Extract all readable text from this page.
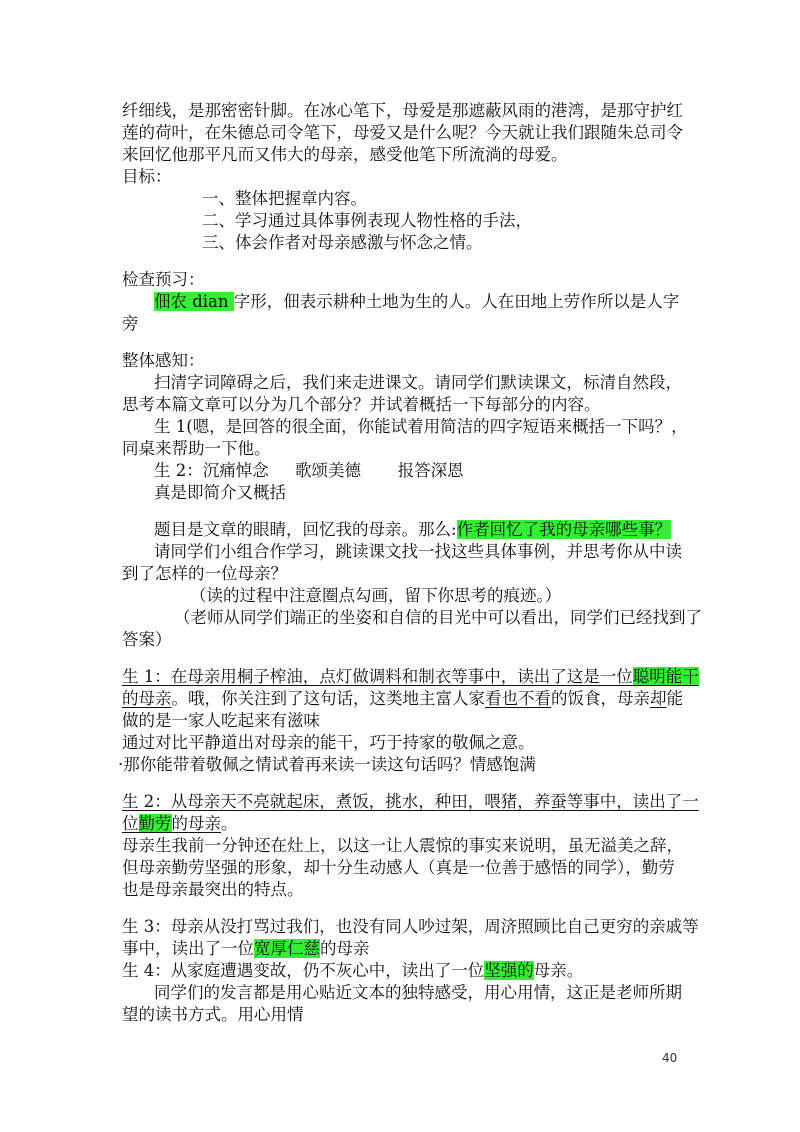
纤细线，是那密密针脚。在冰心笔下，母爱是那遮蔽风雨的港湾，是那守护红
莲的荷叶，在朱德总司令笔下，母爱又是什么呢？今天就让我们跟随朱总司令
来回忆他那平凡而又伟大的母亲，感受他笔下所流淌的母爱。
目标：
一、整体把握章内容。
二、学习通过具体事例表现人物性格的手法，
三、体会作者对母亲感激与怀念之情。
检查预习：
佃农 dian 字形，佃表示耕种土地为生的人。人在田地上劳作所以是人字
旁
整体感知：
扫清字词障碍之后，我们来走进课文。请同学们默读课文，标清自然段，
思考本篇文章可以分为几个部分？并试着概括一下每部分的内容。
生 1(嗯，是回答的很全面，你能试着用简洁的四字短语来概括一下吗？，
同桌来帮助一下他。
生 2：沉痛悼念     歌颂美德       报答深恩
真是即简介又概括
题目是文章的眼睛，回忆我的母亲。那么:作者回忆了我的母亲哪些事？
请同学们小组合作学习，跳读课文找一找这些具体事例，并思考你从中读
到了怎样的一位母亲？
（读的过程中注意圈点勾画，留下你思考的痕迹。）
（老师从同学们端正的坐姿和自信的目光中可以看出，同学们已经找到了
答案）
生 1：在母亲用桐子榨油，点灯做调料和制衣等事中，读出了这是一位聪明能干
的母亲。哦，你关注到了这句话，这类地主富人家看也不看的饭食，母亲却能
做的是一家人吃起来有滋味
通过对比平静道出对母亲的能干，巧于持家的敬佩之意。
·那你能带着敬佩之情试着再来读一读这句话吗？情感饱满
生 2：从母亲天不亮就起床，煮饭，挑水，种田，喂猪，养蚕等事中，读出了一
位勤劳的母亲。
母亲生我前一分钟还在灶上，以这一让人震惊的事实来说明，虽无溢美之辞，
但母亲勤劳坚强的形象，却十分生动感人（真是一位善于感悟的同学），勤劳
也是母亲最突出的特点。
生 3：母亲从没打骂过我们，也没有同人吵过架，周济照顾比自己更穷的亲戚等
事中，读出了一位宽厚仁慈的母亲
生 4：从家庭遭遇变故，仍不灰心中，读出了一位坚强的母亲。
同学们的发言都是用心贴近文本的独特感受，用心用情，这正是老师所期
望的读书方式。用心用情
40
